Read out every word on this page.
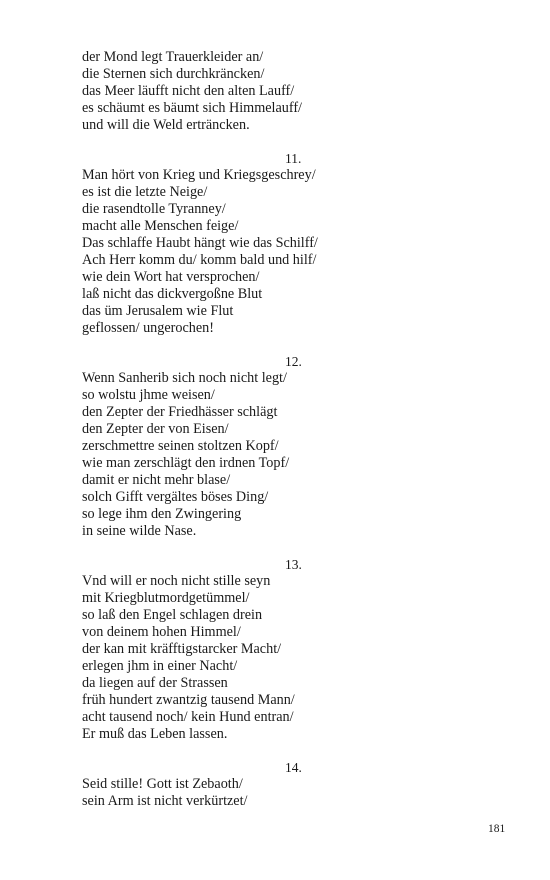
der Mond legt Trauerkleider an/
die Sternen sich durchkräncken/
das Meer läufft nicht den alten Lauff/
es schäumt es bäumt sich Himmelauff/
und will die Weld erträncken.
11.
Man hört von Krieg und Kriegsgeschrey/
es ist die letzte Neige/
die rasendtolle Tyranney/
macht alle Menschen feige/
Das schlaffe Haubt hängt wie das Schilff/
Ach Herr komm du/ komm bald und hilf/
wie dein Wort hat versprochen/
laß nicht das dickvergoßne Blut
das üm Jerusalem wie Flut
geflossen/ ungerochen!
12.
Wenn Sanherib sich noch nicht legt/
so wolstu jhme weisen/
den Zepter der Friedhässer schlägt
den Zepter der von Eisen/
zerschmettre seinen stoltzen Kopf/
wie man zerschlägt den irdnen Topf/
damit er nicht mehr blase/
solch Gifft vergältes böses Ding/
so lege ihm den Zwingering
in seine wilde Nase.
13.
Vnd will er noch nicht stille seyn
mit Kriegblutmordgetümmel/
so laß den Engel schlagen drein
von deinem hohen Himmel/
der kan mit kräfftigstarcker Macht/
erlegen jhm in einer Nacht/
da liegen auf der Strassen
früh hundert zwantzig tausend Mann/
acht tausend noch/ kein Hund entran/
Er muß das Leben lassen.
14.
Seid stille! Gott ist Zebaoth/
sein Arm ist nicht verkürtzet/
181
